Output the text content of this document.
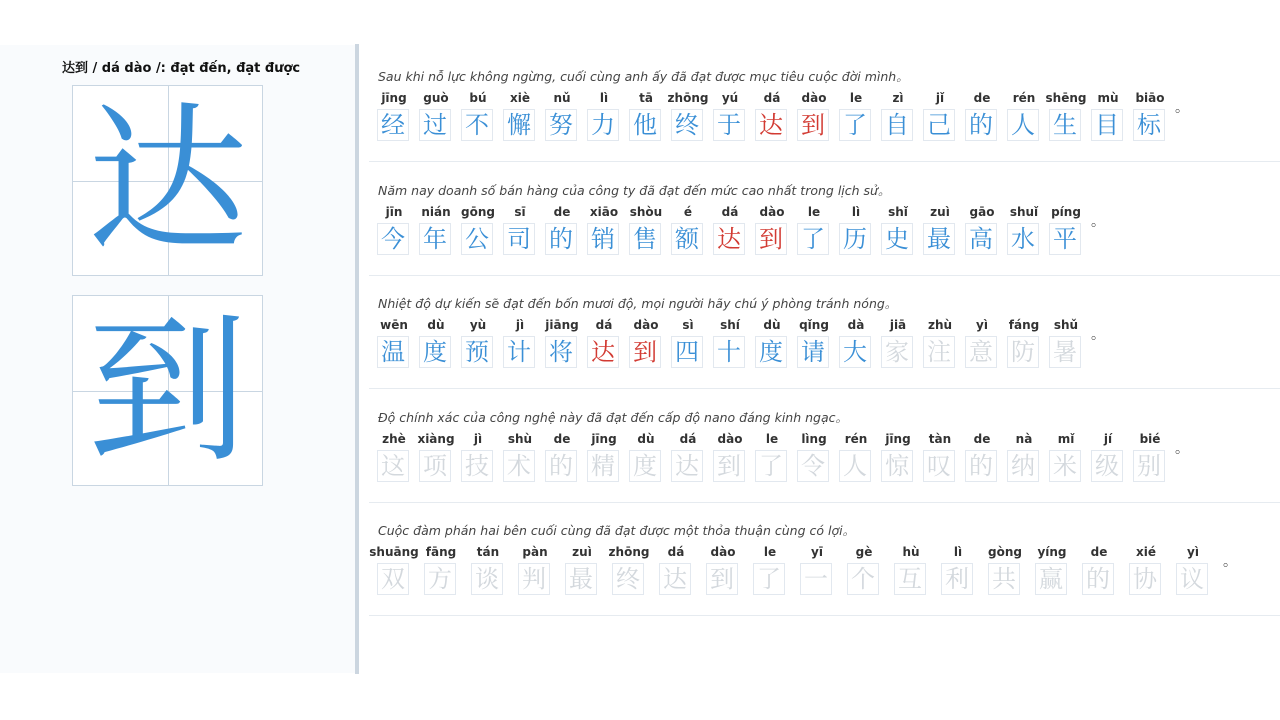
达到 / dá dào /: đạt đến, đạt được
达
到
Sau khi nỗ lực không ngừng, cuối cùng anh ấy đã đạt được mục tiêu cuộc đời mình。
jīng
经
guò
过
bú
不
xiè
懈
nǔ
努
lì
力
tā
他
zhōng
终
yú
于
dá
达
dào
到
le
了
zì
自
jǐ
己
de
的
rén
人
shēng
生
mù
目
biāo
标
。
Năm nay doanh số bán hàng của công ty đã đạt đến mức cao nhất trong lịch sử。
jīn
今
nián
年
gōng
公
sī
司
de
的
xiāo
销
shòu
售
é
额
dá
达
dào
到
le
了
lì
历
shǐ
史
zuì
最
gāo
高
shuǐ
水
píng
平
。
Nhiệt độ dự kiến sẽ đạt đến bốn mươi độ, mọi người hãy chú ý phòng tránh nóng。
wēn
温
dù
度
yù
预
jì
计
jiāng
将
dá
达
dào
到
sì
四
shí
十
dù
度
qǐng
请
dà
大
jiā
家
zhù
注
yì
意
fáng
防
shǔ
暑
。
Độ chính xác của công nghệ này đã đạt đến cấp độ nano đáng kinh ngạc。
zhè
这
xiàng
项
jì
技
shù
术
de
的
jīng
精
dù
度
dá
达
dào
到
le
了
lìng
令
rén
人
jīng
惊
tàn
叹
de
的
nà
纳
mǐ
米
jí
级
bié
别
。
Cuộc đàm phán hai bên cuối cùng đã đạt được một thỏa thuận cùng có lợi。
shuāng
双
fāng
方
tán
谈
pàn
判
zuì
最
zhōng
终
dá
达
dào
到
le
了
yī
一
gè
个
hù
互
lì
利
gòng
共
yíng
赢
de
的
xié
协
yì
议
。
